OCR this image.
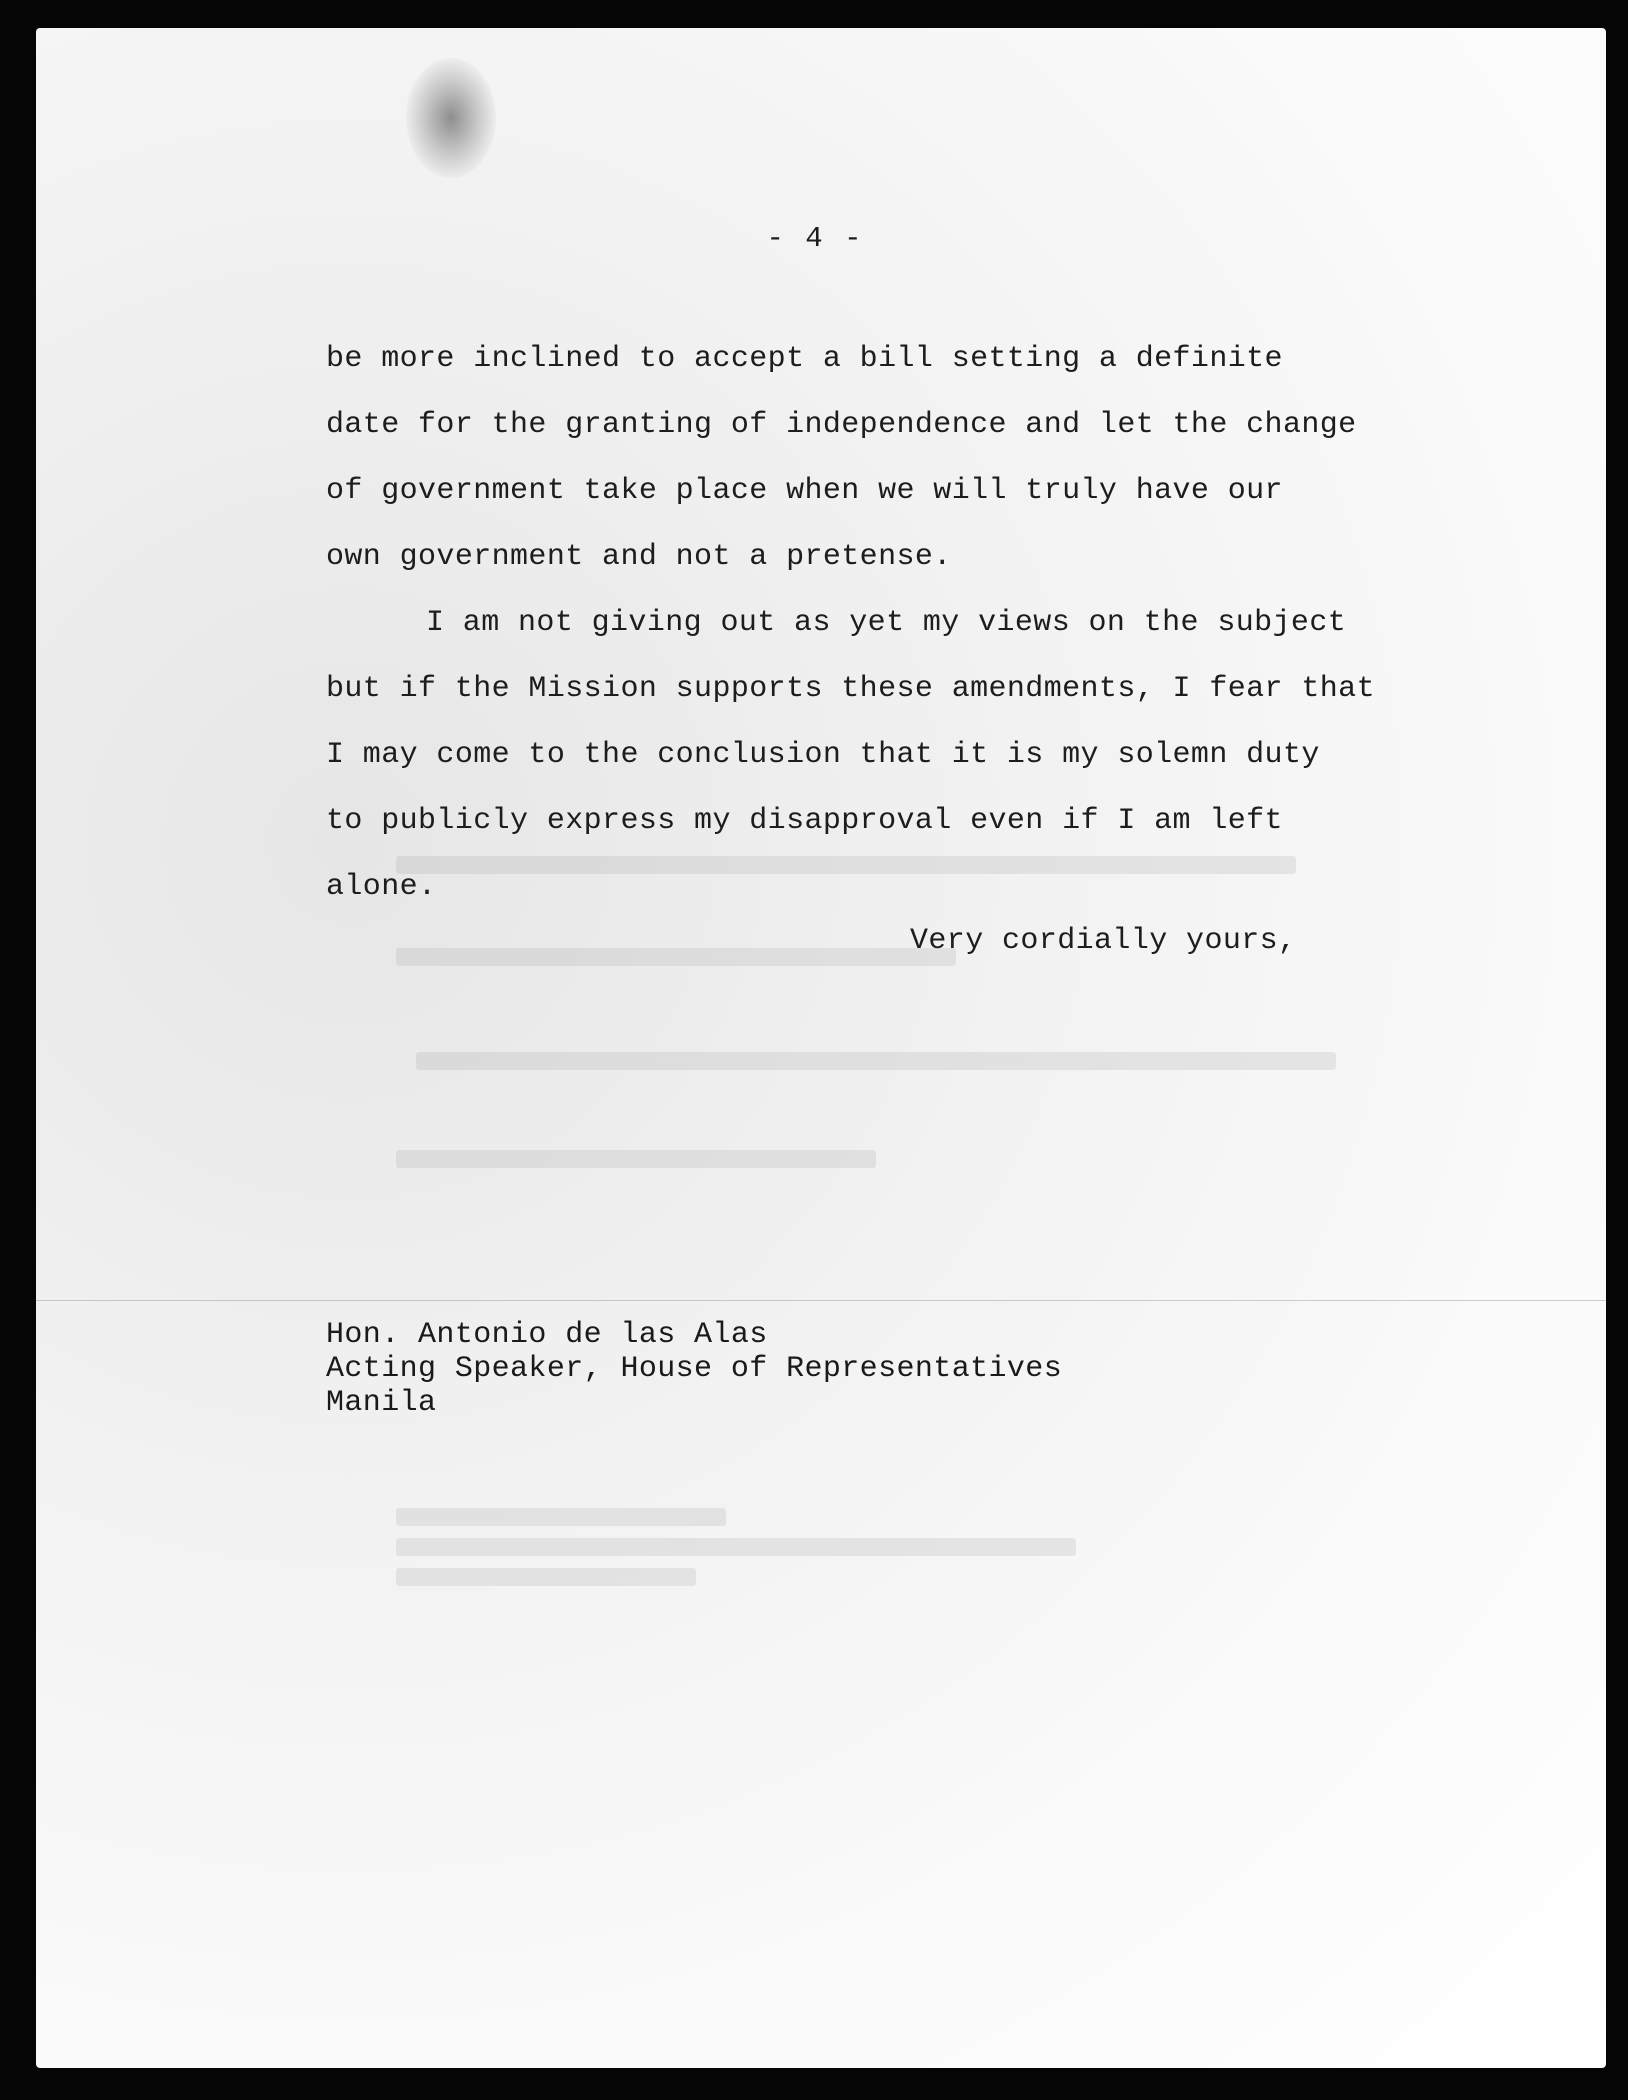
- 4 -
be more inclined to accept a bill setting a definite
date for the granting of independence and let the change
of government take place when we will truly have our
own government and not a pretense.
I am not giving out as yet my views on the subject
but if the Mission supports these amendments, I fear that
I may come to the conclusion that it is my solemn duty
to publicly express my disapproval even if I am left
alone.
Very cordially yours,
Hon. Antonio de las Alas
Acting Speaker, House of Representatives
Manila
